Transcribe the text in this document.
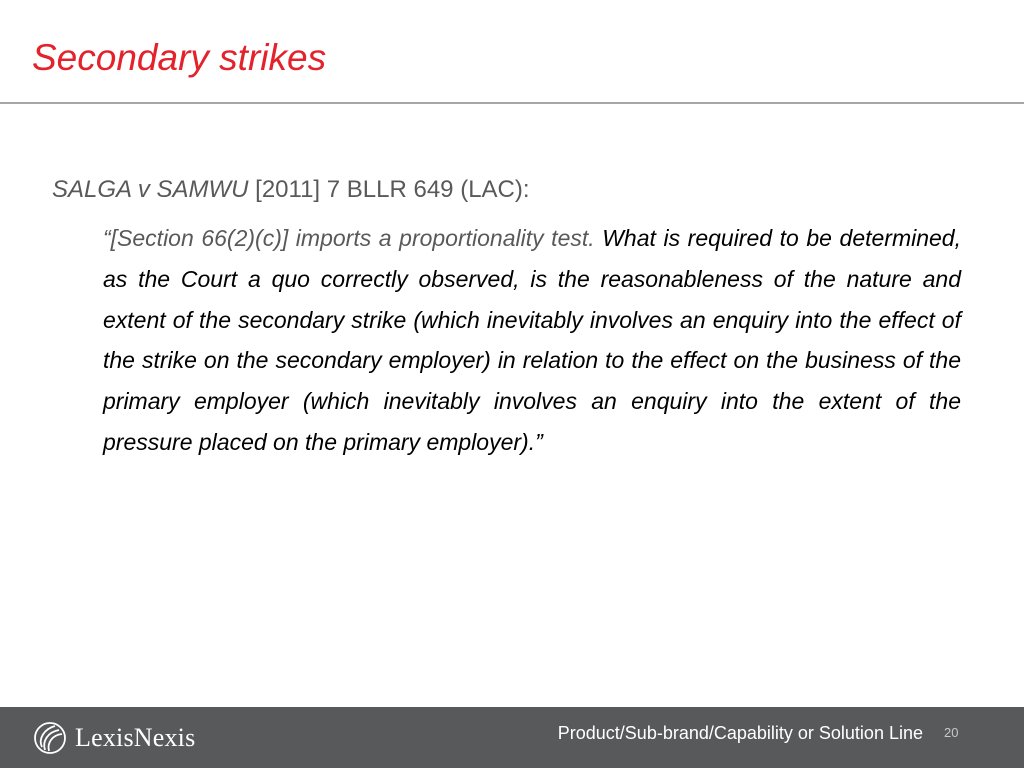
Secondary strikes
SALGA v SAMWU [2011] 7 BLLR 649 (LAC):

“[Section 66(2)(c)] imports a proportionality test. What is required to be determined, as the Court a quo correctly observed, is the reasonableness of the nature and extent of the secondary strike (which inevitably involves an enquiry into the effect of the strike on the secondary employer) in relation to the effect on the business of the primary employer (which inevitably involves an enquiry into the extent of the pressure placed on the primary employer).”

LexisNexis	Product/Sub-brand/Capability or Solution Line 20
